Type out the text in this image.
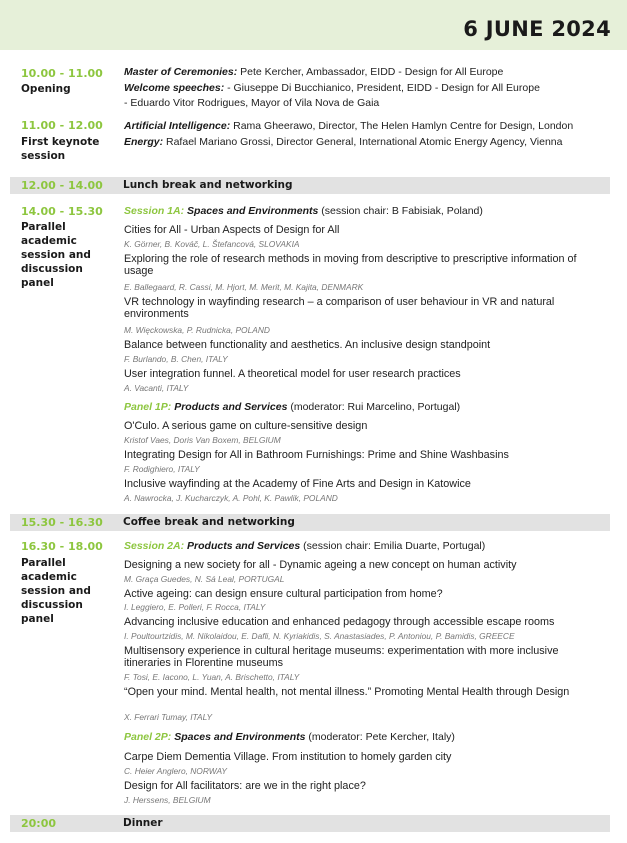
6 JUNE 2024
10.00 - 11.00
Opening
Master of Ceremonies: Pete Kercher, Ambassador, EIDD - Design for All Europe
Welcome speeches: - Giuseppe Di Bucchianico, President, EIDD - Design for All Europe
- Eduardo Vitor Rodrigues, Mayor of Vila Nova de Gaia
11.00 - 12.00
First keynote
session
Artificial Intelligence: Rama Gheerawo, Director, The Helen Hamlyn Centre for Design, London
Energy: Rafael Mariano Grossi, Director General, International Atomic Energy Agency, Vienna
12.00 - 14.00 Lunch break and networking
14.00 - 15.30
Parallel
academic
session and
discussion
panel
Session 1A: Spaces and Environments (session chair: B Fabisiak, Poland)
Cities for All - Urban Aspects of Design for All
K. Görner, B. Kováč, L. Štefancová, SLOVAKIA
Exploring the role of research methods in moving from descriptive to prescriptive information of usage
E. Ballegaard, R. Cassi, M. Hjort, M. Merit, M. Kajita, DENMARK
VR technology in wayfinding research – a comparison of user behaviour in VR and natural environments
M. Więckowska, P. Rudnicka, POLAND
Balance between functionality and aesthetics. An inclusive design standpoint
F. Burlando, B. Chen, ITALY
User integration funnel. A theoretical model for user research practices
A. Vacanti, ITALY
Panel 1P: Products and Services (moderator: Rui Marcelino, Portugal)
O'Culo. A serious game on culture-sensitive design
Kristof Vaes, Doris Van Boxem, BELGIUM
Integrating Design for All in Bathroom Furnishings: Prime and Shine Washbasins
F. Rodighiero, ITALY
Inclusive wayfinding at the Academy of Fine Arts and Design in Katowice
A. Nawrocka, J. Kucharczyk, A. Pohl, K. Pawlik, POLAND
15.30 - 16.30 Coffee break and networking
16.30 - 18.00
Parallel
academic
session and
discussion
panel
Session 2A: Products and Services (session chair: Emilia Duarte, Portugal)
Designing a new society for all - Dynamic ageing a new concept on human activity
M. Graça Guedes, N. Sá Leal, PORTUGAL
Active ageing: can design ensure cultural participation from home?
I. Leggiero, E. Polleri, F. Rocca, ITALY
Advancing inclusive education and enhanced pedagogy through accessible escape rooms
I. Poultourtzidis, M. Nikolaidou, E. Dafli, N. Kyriakidis, S. Anastasiades, P. Antoniou, P. Bamidis, GREECE
Multisensory experience in cultural heritage museums: experimentation with more inclusive itineraries in Florentine museums
F. Tosi, E. Iacono, L. Yuan, A. Brischetto, ITALY
“Open your mind. Mental health, not mental illness.” Promoting Mental Health through Design
X. Ferrari Tumay, ITALY
Panel 2P: Spaces and Environments (moderator: Pete Kercher, Italy)
Carpe Diem Dementia Village. From institution to homely garden city
C. Heier Anglero, NORWAY
Design for All facilitators: are we in the right place?
J. Herssens, BELGIUM
20:00	Dinner
